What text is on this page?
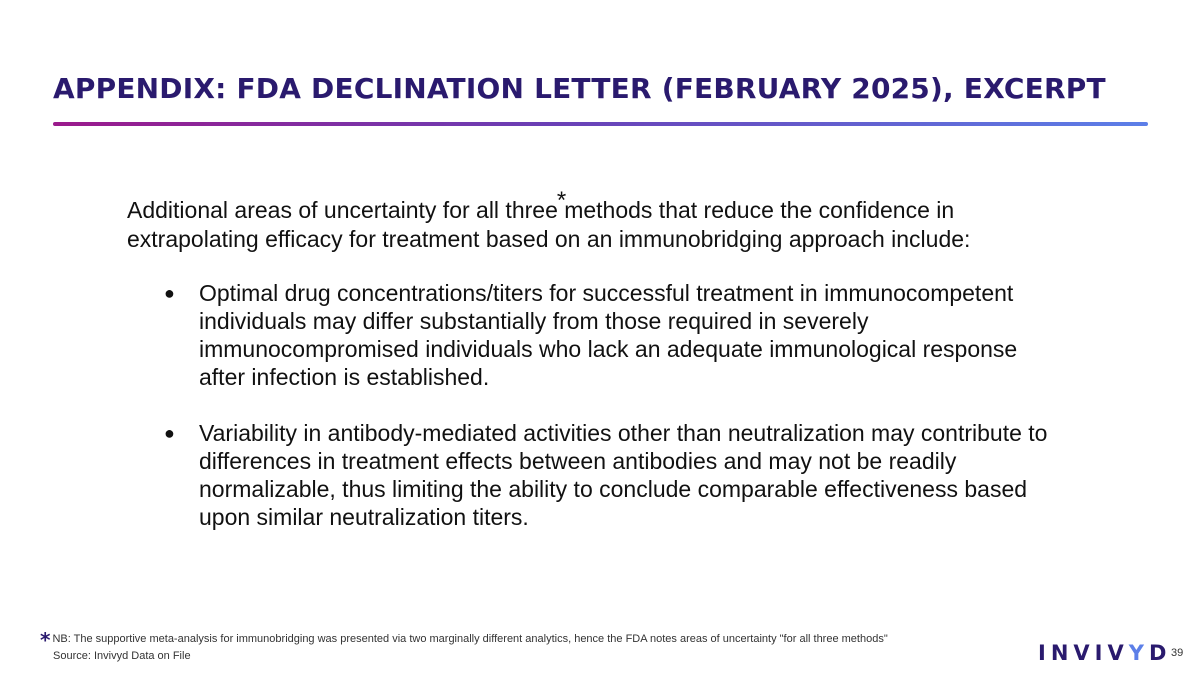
APPENDIX: FDA DECLINATION LETTER (FEBRUARY 2025), EXCERPT

Additional areas of uncertainty for all three*methods that reduce the confidence in extrapolating efficacy for treatment based on an immunobridging approach include:

● Optimal drug concentrations/titers for successful treatment in immunocompetent individuals may differ substantially from those required in severely immunocompromised individuals who lack an adequate immunological response after infection is established.
● Variability in antibody-mediated activities other than neutralization may contribute to differences in treatment effects between antibodies and may not be readily normalizable, thus limiting the ability to conclude comparable effectiveness based upon similar neutralization titers.
* NB: The supportive meta-analysis for immunobridging was presented via two marginally different analytics, hence the FDA notes areas of uncertainty "for all three methods"
Source: Invivyd Data on File	INVIVYD 39
